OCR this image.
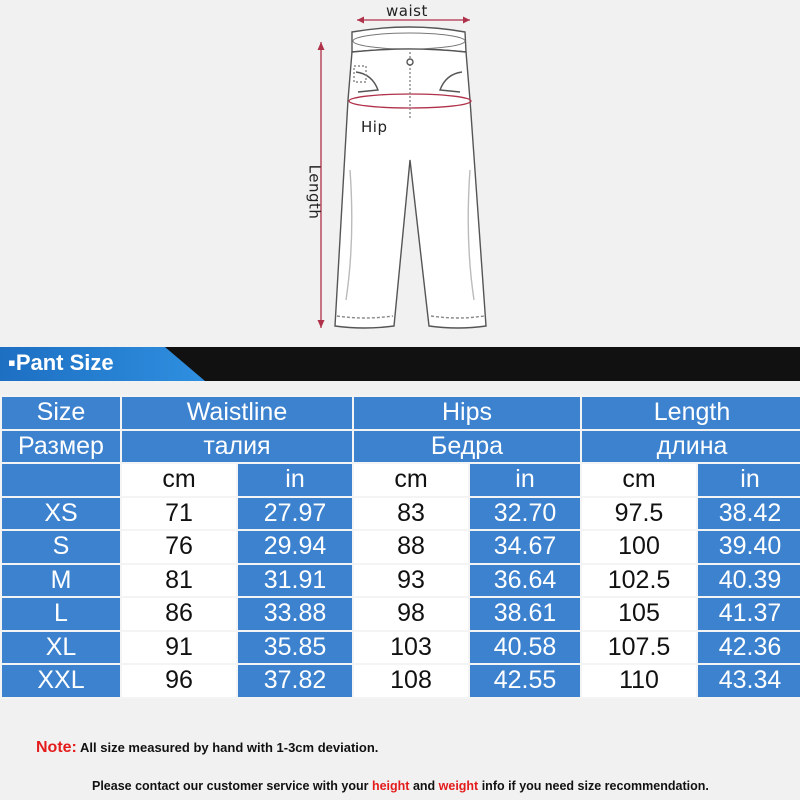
waist
Hip
Length
▪Pant Size
Size	Waistline		Hips		Length	
Размер	талия		Бедра		длина	
	cm	in	cm	in	cm	in
XS	71	27.97	83	32.70	97.5	38.42
S	76	29.94	88	34.67	100	39.40
M	81	31.91	93	36.64	102.5	40.39
L	86	33.88	98	38.61	105	41.37
XL	91	35.85	103	40.58	107.5	42.36
XXL	96	37.82	108	42.55	110	43.34
Note: All size measured by hand with 1-3cm deviation.
Please contact our customer service with your height and weight info if you need size recommendation.
